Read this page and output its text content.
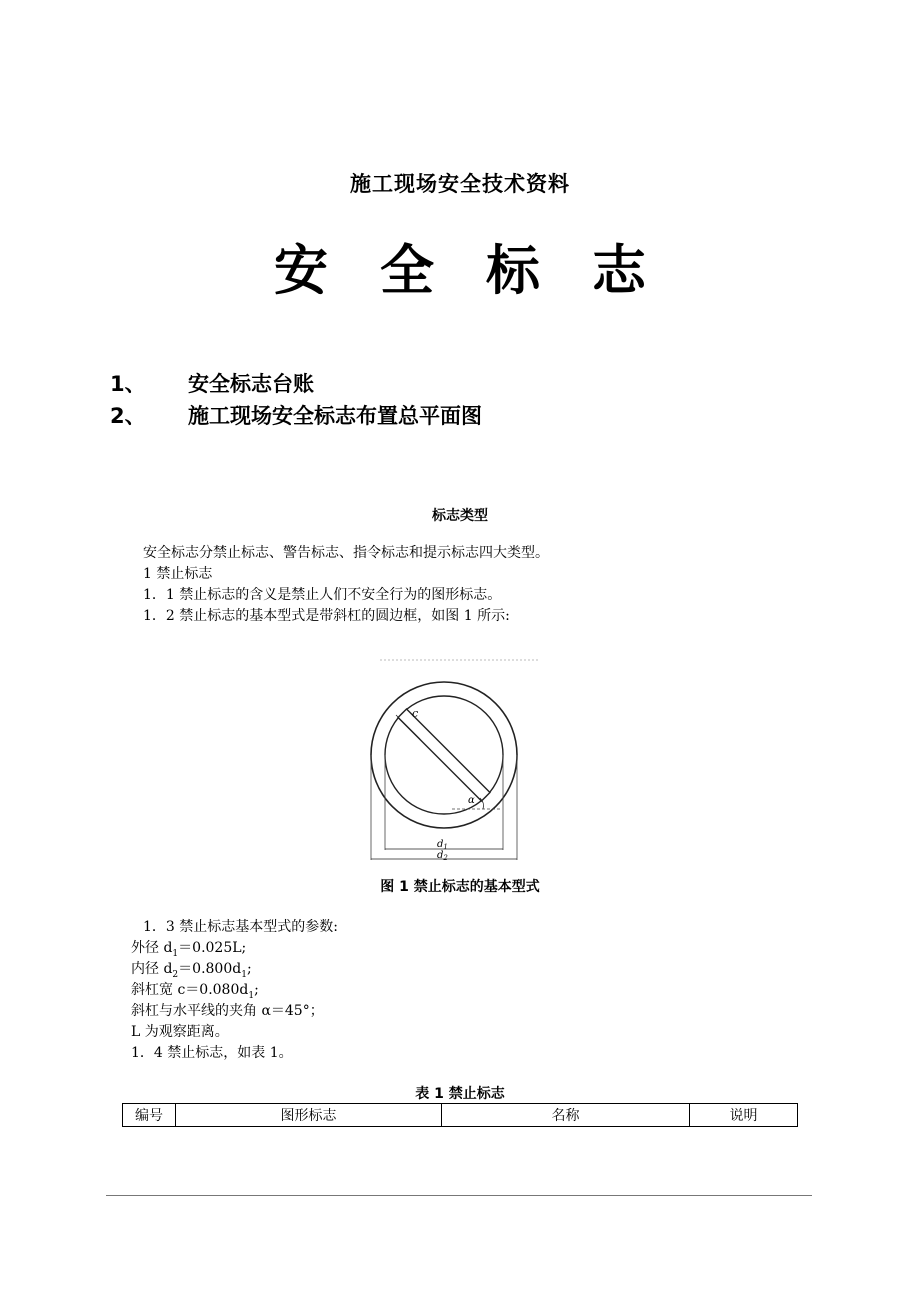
施工现场安全技术资料
安 全 标 志
1、 安全标志台账
2、 施工现场安全标志布置总平面图
标志类型
安全标志分禁止标志、警告标志、指令标志和提示标志四大类型。
1 禁止标志
1．1 禁止标志的含义是禁止人们不安全行为的图形标志。
1．2 禁止标志的基本型式是带斜杠的圆边框，如图 1 所示:
c
α
$d_1$
$d_2$
图 1 禁止标志的基本型式
1．3 禁止标志基本型式的参数:
外径 $d_1=0.025L$;
内径 $d_2=0.800d_1$;
斜杠宽 $c=0.080d_1$;
斜杠与水平线的夹角 α＝45°；
L 为观察距离。
1．4 禁止标志，如表 1。
表 1 禁止标志
编号	图形标志	名称	说明
